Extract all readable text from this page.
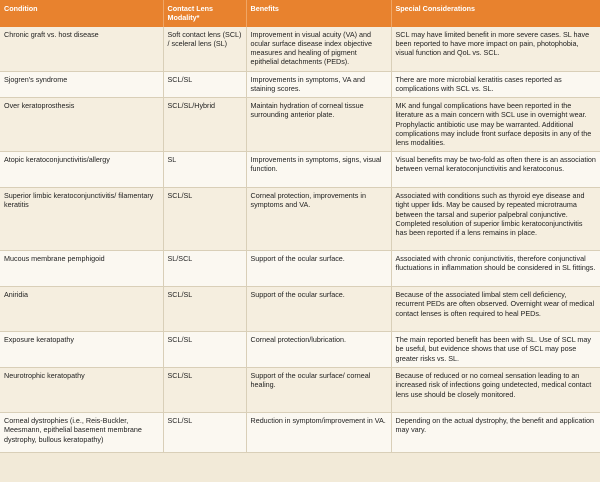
Condition	Contact Lens Modality*	Benefits	Special Considerations
Chronic graft vs. host disease	Soft contact lens (SCL) / sceleral lens (SL)	Improvement in visual acuity (VA) and ocular surface disease index objective measures and healing of pigment epithelial detachments (PEDs).	SCL may have limited benefit in more severe cases. SL have been reported to have more impact on pain, photophobia, visual function and QoL vs. SCL.
Sjogren's syndrome	SCL/SL	Improvements in symptoms, VA and staining scores.	There are more microbial keratitis cases reported as complications with SCL vs. SL.
Over keratoprosthesis	SCL/SL/Hybrid	Maintain hydration of corneal tissue surrounding anterior plate.	MK and fungal complications have been reported in the literature as a main concern with SCL use in overnight wear. Prophylactic antibiotic use may be warranted. Additional complications may include front surface deposits in any of the lens modalities.
Atopic keratoconjunctivitis/allergy	SL	Improvements in symptoms, signs, visual function.	Visual benefits may be two-fold as often there is an association between vernal keratoconjunctivitis and keratoconus.
Superior limbic keratoconjunctivitis/ filamentary keratitis	SCL/SL	Corneal protection, improvements in symptoms and VA.	Associated with conditions such as thyroid eye disease and tight upper lids. May be caused by repeated microtrauma between the tarsal and superior palpebral conjunctive. Completed resolution of superior limbic keratoconjunctivitis has been reported if a lens remains in place.
Mucous membrane pemphigoid	SL/SCL	Support of the ocular surface.	Associated with chronic conjunctivitis, therefore conjunctival fluctuations in inflammation should be considered in SL fittings.
Aniridia	SCL/SL	Support of the ocular surface.	Because of the associated limbal stem cell deficiency, recurrent PEDs are often observed. Overnight wear of medical contact lenses is often required to heal PEDs.
Exposure keratopathy	SCL/SL	Corneal protection/lubrication.	The main reported benefit has been with SL. Use of SCL may be useful, but evidence shows that use of SCL may pose greater risks vs. SL.
Neurotrophic keratopathy	SCL/SL	Support of the ocular surface/ corneal healing.	Because of reduced or no corneal sensation leading to an increased risk of infections going undetected, medical contact lens use should be closely monitored.
Corneal dystrophies (i.e., Reis-Buckler, Meesmann, epithelial basement membrane dystrophy, bullous keratopathy)	SCL/SL	Reduction in symptom/improvement in VA.	Depending on the actual dystrophy, the benefit and application may vary.
